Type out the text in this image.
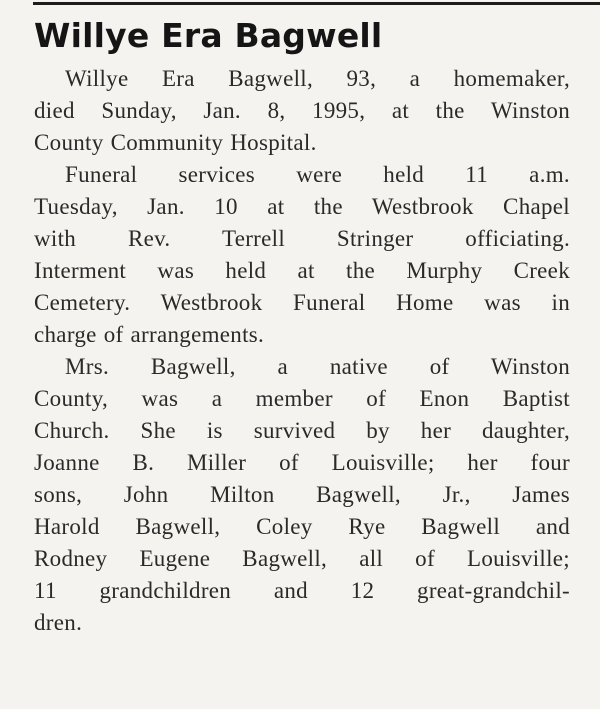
Willye Era Bagwell

Willye Era Bagwell, 93, a homemaker,
died Sunday, Jan. 8, 1995, at the Winston
County Community Hospital.

Funeral services were held 11 a.m.
Tuesday, Jan. 10 at the Westbrook Chapel
with Rev. Terrell Stringer officiating.
Interment was held at the Murphy Creek
Cemetery. Westbrook Funeral Home was in
charge of arrangements.

Mrs. Bagwell, a native of Winston
County, was a member of Enon Baptist
Church. She is survived by her daughter,
Joanne B. Miller of Louisville; her four
sons, John Milton Bagwell, Jr., James
Harold Bagwell, Coley Rye Bagwell and
Rodney Eugene Bagwell, all of Louisville;
11 grandchildren and 12 great-grandchil-
dren.
